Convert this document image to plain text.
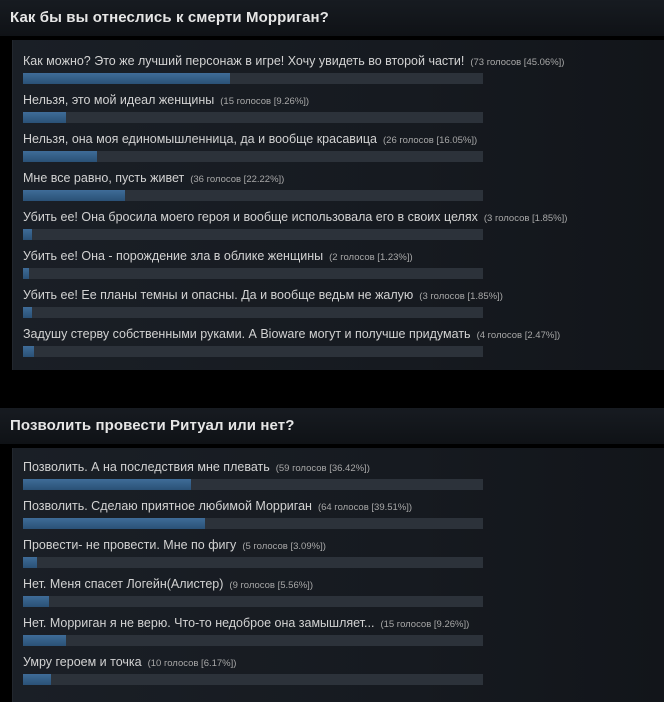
Как бы вы отнеслись к смерти Морриган?
Как можно? Это же лучший персонаж в игре! Хочу увидеть во второй части! (73 голосов [45.06%])
Нельзя, это мой идеал женщины (15 голосов [9.26%])
Нельзя, она моя единомышленница, да и вообще красавица (26 голосов [16.05%])
Мне все равно, пусть живет (36 голосов [22.22%])
Убить ее! Она бросила моего героя и вообще использовала его в своих целях (3 голосов [1.85%])
Убить ее! Она - порождение зла в облике женщины (2 голосов [1.23%])
Убить ее! Ее планы темны и опасны. Да и вообще ведьм не жалую (3 голосов [1.85%])
Задушу стерву собственными руками. А Bioware могут и получше придумать (4 голосов [2.47%])
Позволить провести Ритуал или нет?
Позволить. А на последствия мне плевать (59 голосов [36.42%])
Позволить. Сделаю приятное любимой Морриган (64 голосов [39.51%])
Провести- не провести. Мне по фигу (5 голосов [3.09%])
Нет. Меня спасет Логейн(Алистер) (9 голосов [5.56%])
Нет. Морриган я не верю. Что-то недоброе она замышляет... (15 голосов [9.26%])
Умру героем и точка (10 голосов [6.17%])
